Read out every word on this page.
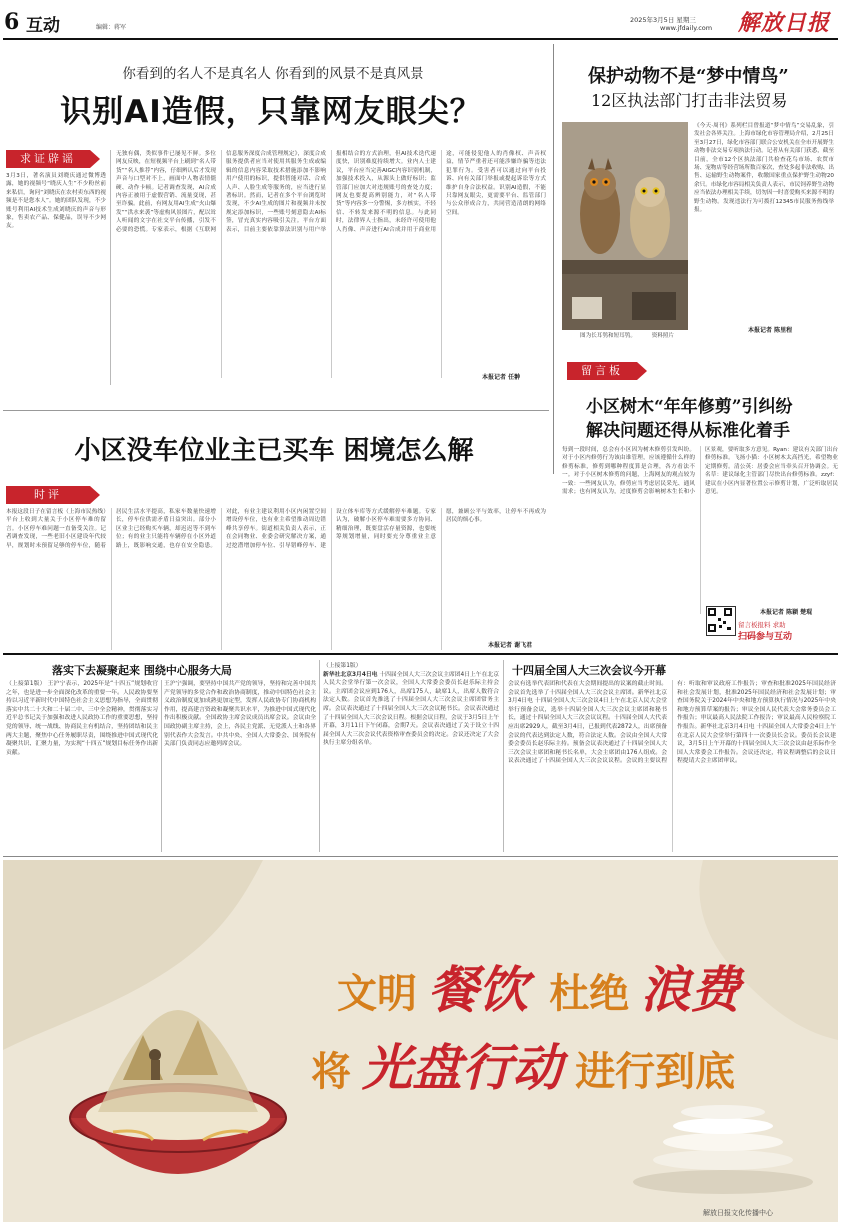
6 互动	编辑：蒋军
2025年3月5日 星期三
www.jfdaily.com 解放日报
你看到的名人不是真名人 你看到的风景不是真风景
识别AI造假，只靠网友眼尖？
求证辟谣
3月3日，著名演员刘晓庆通过微博透露，她的视频号“晓庆人生”不少粉丝前来私信，询问“刘晓庆在农村卖东西的视频是不是您本人”。她的团队发现，不少账号利用AI技术生成刘晓庆的声音与形象，售卖农产品、保健品，误导不少网友。
无独有偶，类似事件已屡见不鲜。多位网友反映，在短视频平台上刷到“名人带货”“名人推荐”内容，仔细辨认后才发现声音与口型对不上，画面中人物表情僵硬、动作卡顿。记者调查发现，AI合成内容正被用于虚假营销、流量变现，甚至诈骗。此前，有网友用AI生成“火山爆发”“洪水来袭”等虚构风景图片，配以耸人听闻的文字在社交平台传播，引发不必要的恐慌。专家表示，根据《互联网信息服务深度合成管理规定》，深度合成服务提供者应当对使用其服务生成或编辑的信息内容采取技术措施添加不影响用户使用的标识，提供智能对话、合成人声、人脸生成等服务的，应当进行显著标识。然而，记者在多个平台浏览时发现，不少AI生成的图片和视频并未按规定添加标识，一些账号刻意隐去AI标签，冒充真实内容吸引关注。平台方面表示，目前主要依靠算法识别与用户举报相结合的方式治理，但AI技术迭代速度快，识别难度持续增大。业内人士建议，平台应当完善AIGC内容识别机制，加强技术投入，从源头上做好标识；监管部门应加大对违规账号的查处力度；网友也要提高辨别能力，对“名人带货”等内容多一分警惕，多方核实，不轻信、不转发来源不明的信息。与此同时，法律界人士指出，未经许可使用他人肖像、声音进行AI合成并用于商业用途，可能侵犯他人的肖像权、声音权益，情节严重者还可能涉嫌诈骗等违法犯罪行为。受害者可以通过向平台投诉、向有关部门举报或提起诉讼等方式维护自身合法权益。识别AI造假，不能只靠网友眼尖，更需要平台、监管部门与公众形成合力，共同营造清朗的网络空间。
本报记者 任翀
保护动物不是“梦中情鸟”
12区执法部门打击非法贸易
图为长耳鸮和短耳鸮。	资料照片
《今天·周刊》系列栏目曾报道“梦中情鸟”交易乱象，引发社会各界关注。上海市绿化市容管理局介绍，2月25日至3月27日，绿化市容部门联合公安机关在全市开展野生动物非法交易专项执法行动。记者从有关部门获悉，截至目前，全市12个区执法部门共检查花鸟市场、农贸市场、宠物店等经营场所数百家次，查处多起非法收购、出售、运输野生动物案件，收缴国家重点保护野生动物20余只。市绿化市容局相关负责人表示，市民饲养野生动物应当依法办理相关手续，切勿因一时喜爱购买来源不明的野生动物。发现违法行为可拨打12345市民服务热线举报。
本报记者 陈里程
留言板
小区树木“年年修剪”引纠纷
解决问题还得从标准化着手
每到一段时间，总会有小区因为树木修剪引发纠纷。对于小区内修剪行为该由谁管理，应该遵循什么样的修剪标准，修剪到哪种程度算是合理，各方看法不一。对于小区树木修剪的问题，上海网友的观点较为一致：一些网友认为，修剪应当考虑居民采光、通风需求；也有网友认为，过度修剪会影响树木生长和小区景观，要听取多方意见。Ryan：建议有关部门出台修剪标准。飞扬小猫：小区树木太高挡光，希望物业定期修剪。清公英：居委会应当牵头召开协调会。无名草：建议绿化主管部门尽快出台修剪标准。zzyf：建议在小区内显著位置公示修剪计划，广泛听取居民意见。
本报记者 陈颖 楚琨
留言板报料 求助
扫码参与互动
小区没车位业主已买车 困境怎么解
时评
本报这段日子在留言板（上海市民热线）平台上收到大量关于小区停车难的留言。小区停车难问题一直备受关注。记者调查发现，一些老旧小区建设年代较早，规划时未预留足够的停车位，随着居民生活水平提高，私家车数量快速增长，停车位供需矛盾日益突出。部分小区业主已经购买车辆，却迟迟等不到车位；有的业主只能将车辆停在小区外道路上，既影响交通，也存在安全隐患。对此，有业主建议利用小区内闲置空间增设停车位，也有业主希望推动周边错峰共享停车。街道相关负责人表示，正在会同物业、业委会研究解决方案，通过挖潜增加停车位、引导错峰停车、建设立体车库等方式缓解停车难题。专家认为，破解小区停车难需要多方协同、精细治理，既要盘活存量资源，也要统筹规划增量，同时要充分尊重业主意愿，兼顾公平与效率，让停车不再成为居民的烦心事。
本报记者 谢飞君
落实下去凝聚起来 围绕中心服务大局
（上接第1版） 王沪宁表示，2025年是“十四五”规划收官之年，也是进一步全面深化改革的重要一年。人民政协要坚持以习近平新时代中国特色社会主义思想为指导，全面贯彻落实中共二十大和二十届二中、三中全会精神，贯彻落实习近平总书记关于加强和改进人民政协工作的重要思想，坚持党的领导、统一战线、协商民主有机结合，坚持团结和民主两大主题，聚焦中心任务履职尽责，围绕推进中国式现代化凝聚共识、汇聚力量，为实现“十四五”规划目标任务作出新贡献。
王沪宁强调，要坚持中国共产党的领导，坚持和完善中国共产党领导的多党合作和政治协商制度，推动中国特色社会主义政治制度更加成熟更加定型，发挥人民政协专门协商机构作用，提高建言资政和凝聚共识水平，为推进中国式现代化作出积极贡献。全国政协主席会议成员出席会议。会议由全国政协副主席主持，会上，各民主党派、无党派人士和各界别代表作大会发言。中共中央、全国人大常委会、国务院有关部门负责同志应邀列席会议。
（上接第1版）
新华社北京3月4日电 十四届全国人大三次会议主席团4日上午在北京人民大会堂举行第一次会议，全国人大常委会委员长赵乐际主持会议。主席团会议应到176人，出席175人，缺席1人，出席人数符合法定人数。会议首先推选了十四届全国人大三次会议主席团常务主席。会议表决通过了十四届全国人大三次会议秘书长。会议表决通过了十四届全国人大三次会议日程。根据会议日程，会议于3月5日上午开幕，3月11日下午闭幕，会期7天。会议表决通过了关于设立十四届全国人大三次会议代表资格审查委员会的决定。会议还决定了大会执行主席分组名单。
十四届全国人大三次会议今开幕
会议有选举代表团和代表在大会期间提出的议案的截止时间。会议首先选举了十四届全国人大三次会议主席团。新华社北京3月4日电 十四届全国人大三次会议4日上午在北京人民大会堂举行预备会议，选举十四届全国人大三次会议主席团和秘书长，通过十四届全国人大三次会议议程。十四届全国人大代表应出席2929人，截至3月4日，已报到代表2872人，出席预备会议的代表达到法定人数，符合法定人数。会议由全国人大常委会委员长赵乐际主持。预备会议表决通过了十四届全国人大三次会议主席团和秘书长名单，大会主席团由176人组成。会议表决通过了十四届全国人大三次会议议程。会议的主要议程有：听取和审议政府工作报告；审查和批准2025年国民经济和社会发展计划，批准2025年国民经济和社会发展计划；审查国务院关于2024年中央和地方预算执行情况与2025年中央和地方预算草案的报告；审议全国人民代表大会常务委员会工作报告；审议最高人民法院工作报告；审议最高人民检察院工作报告。新华社北京3月4日电 十四届全国人大常委会4日上午在北京人民大会堂举行第四十一次委员长会议。委员长会议建议，3月5日上午开幕的十四届全国人大三次会议由赵乐际作全国人大常委会工作报告。会议还决定，将议程调整后的会议日程提请大会主席团审议。
文明 餐饮 杜绝 浪费
将 光盘行动 进行到底
解放日报文化传播中心
